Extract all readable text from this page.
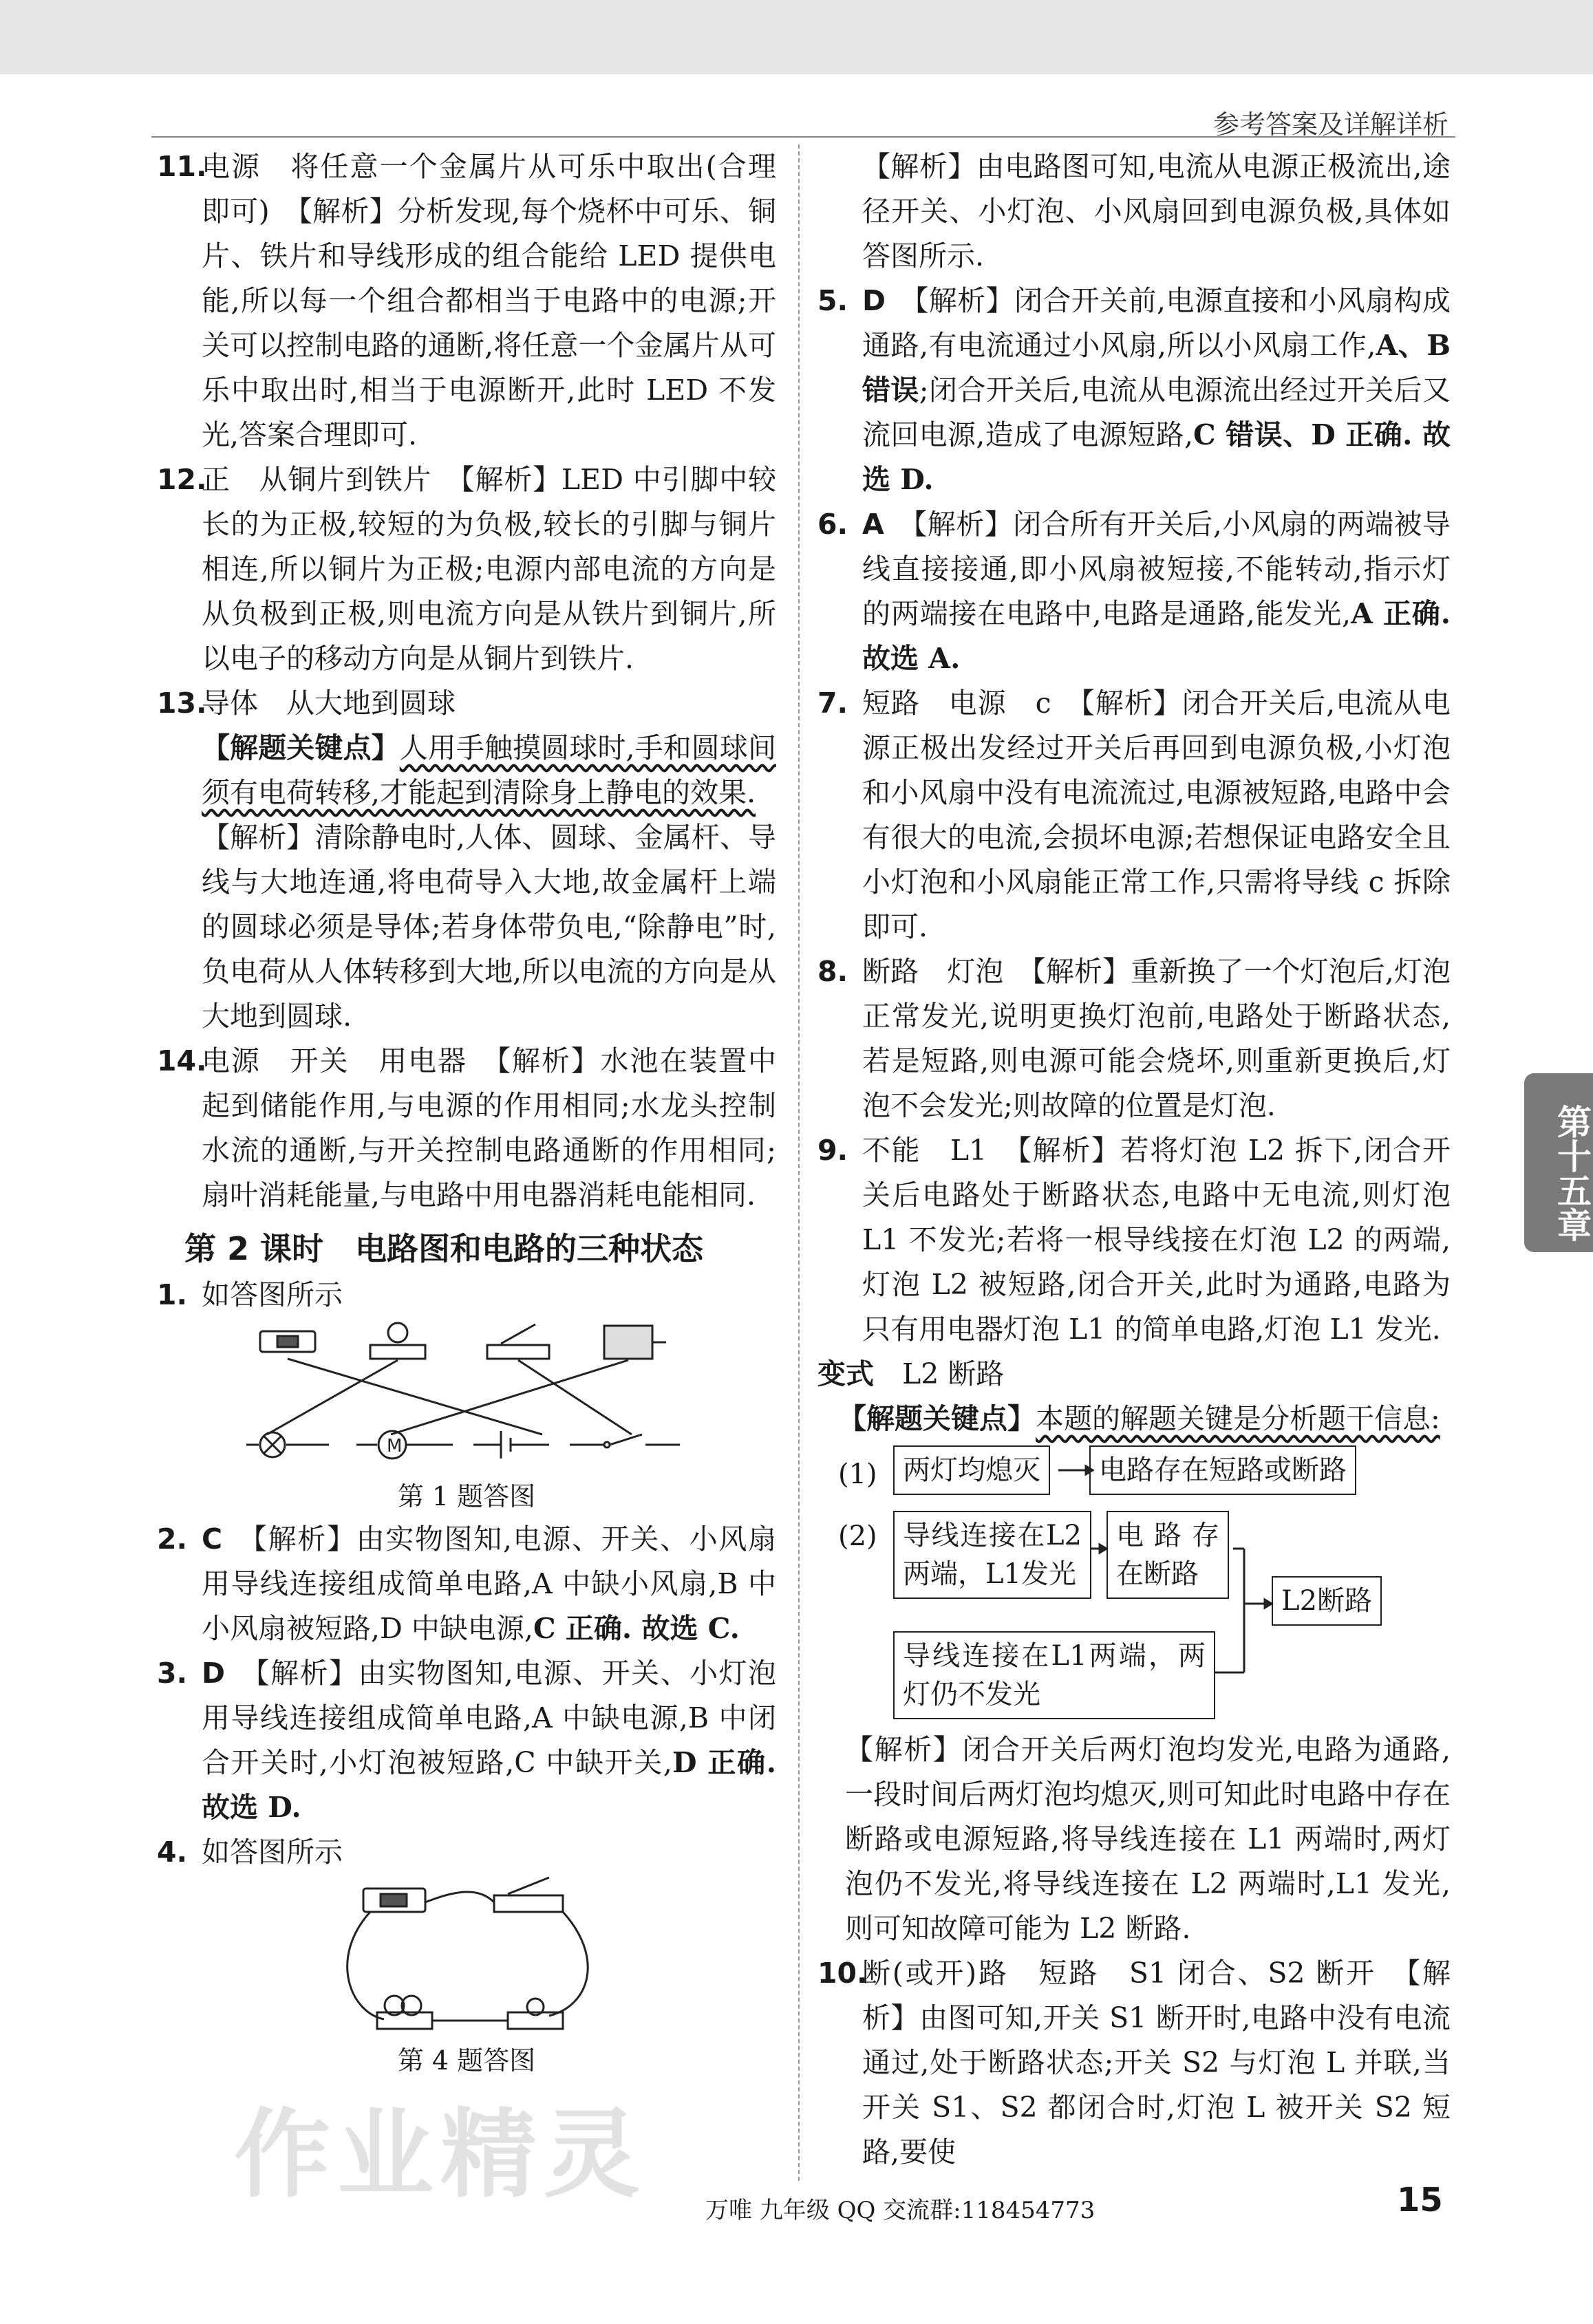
参考答案及详解详析

11.
电源　将任意一个金属片从可乐中取出(合理即可)　【解析】分析发现,每个烧杯中可乐、铜片、铁片和导线形成的组合能给 LED 提供电能,所以每一个组合都相当于电路中的电源;开关可以控制电路的通断,将任意一个金属片从可乐中取出时,相当于电源断开,此时 LED 不发光,答案合理即可.

12.
正　从铜片到铁片　【解析】LED 中引脚中较长的为正极,较短的为负极,较长的引脚与铜片相连,所以铜片为正极;电源内部电流的方向是从负极到正极,则电流方向是从铁片到铜片,所以电子的移动方向是从铜片到铁片.

13.
导体　从大地到圆球
【解题关键点】人用手触摸圆球时,手和圆球间须有电荷转移,才能起到清除身上静电的效果.
【解析】清除静电时,人体、圆球、金属杆、导线与大地连通,将电荷导入大地,故金属杆上端的圆球必须是导体;若身体带负电,“除静电”时,负电荷从人体转移到大地,所以电流的方向是从大地到圆球.

14.
电源　开关　用电器　【解析】水池在装置中起到储能作用,与电源的作用相同;水龙头控制水流的通断,与开关控制电路通断的作用相同;扇叶消耗能量,与电路中用电器消耗电能相同.

第 2 课时　电路图和电路的三种状态

1. 如答图所示

M
第 1 题答图

2. C　 【解析】由实物图知,电源、开关、小风扇用导线连接组成简单电路,A 中缺小风扇,B 中小风扇被短路,D 中缺电源,C 正确. 故选 C.

3. D　 【解析】由实物图知,电源、开关、小灯泡用导线连接组成简单电路,A 中缺电源,B 中闭合开关时,小灯泡被短路,C 中缺开关,D 正确. 故选 D.

4. 如答图所示

第 4 题答图

【解析】由电路图可知,电流从电源正极流出,途径开关、小灯泡、小风扇回到电源负极,具体如答图所示.

5. D　 【解析】闭合开关前,电源直接和小风扇构成通路,有电流通过小风扇,所以小风扇工作,A、B 错误;闭合开关后,电流从电源流出经过开关后又流回电源,造成了电源短路,C 错误、D 正确. 故选 D.

6. A　 【解析】闭合所有开关后,小风扇的两端被导线直接接通,即小风扇被短接,不能转动,指示灯的两端接在电路中,电路是通路,能发光,A 正确. 故选 A.

7. 短路　电源　c　【解析】闭合开关后,电流从电源正极出发经过开关后再回到电源负极,小灯泡和小风扇中没有电流流过,电源被短路,电路中会有很大的电流,会损坏电源;若想保证电路安全且小灯泡和小风扇能正常工作,只需将导线 c 拆除即可.

8. 断路　灯泡　【解析】重新换了一个灯泡后,灯泡正常发光,说明更换灯泡前,电路处于断路状态,若是短路,则电源可能会烧坏,则重新更换后,灯泡不会发光;则故障的位置是灯泡.

9. 不能　L1　【解析】若将灯泡 L2 拆下,闭合开关后电路处于断路状态,电路中无电流,则灯泡 L1 不发光;若将一根导线接在灯泡 L2 的两端,灯泡 L2 被短路,闭合开关,此时为通路,电路为只有用电器灯泡 L1 的简单电路,灯泡 L1 发光.

变式　 L2 断路

【解题关键点】本题的解题关键是分析题干信息:

(1) 两灯均熄灭	电路存在短路或断路
(2) 导线连接在L2两端，L1发光
电路存在断路
L2断路
导线连接在L1两端，两灯仍不发光

【解析】闭合开关后两灯泡均发光,电路为通路,一段时间后两灯泡均熄灭,则可知此时电路中存在断路或电源短路,将导线连接在 L1 两端时,两灯泡仍不发光,将导线连接在 L2 两端时,L1 发光,则可知故障可能为 L2 断路.

10.
断(或开)路　短路　S1 闭合、S2 断开　【解析】由图可知,开关 S1 断开时,电路中没有电流通过,处于断路状态;开关 S2 与灯泡 L 并联,当开关 S1、S2 都闭合时,灯泡 L 被开关 S2 短路,要使

第十五章
作业精灵 万唯 九年级 QQ 交流群:118454773	15
